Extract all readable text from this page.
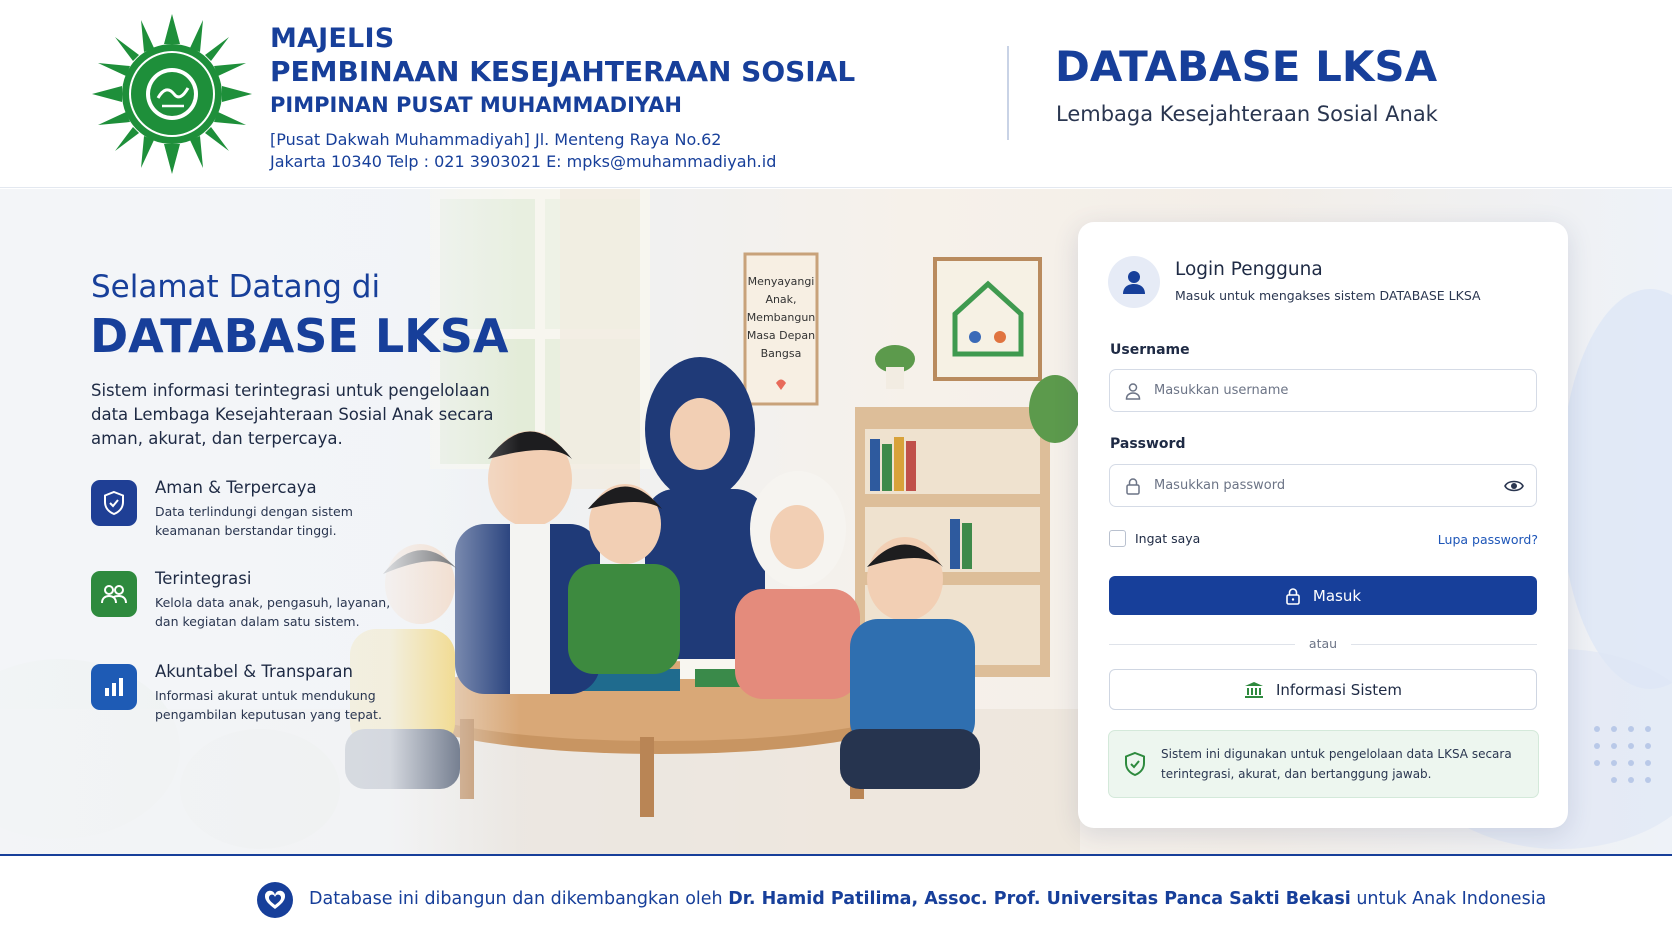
MAJELIS
PEMBINAAN KESEJAHTERAAN SOSIAL
PIMPINAN PUSAT MUHAMMADIYAH
[Pusat Dakwah Muhammadiyah] Jl. Menteng Raya No.62
Jakarta 10340 Telp : 021 3903021 E: mpks@muhammadiyah.id
DATABASE LKSA
Lembaga Kesejahteraan Sosial Anak
Menyayangi
Anak,
Membangun
Masa Depan
Bangsa
Selamat Datang di
DATABASE LKSA
Sistem informasi terintegrasi untuk pengelolaan data Lembaga Kesejahteraan Sosial Anak secara aman, akurat, dan terpercaya.
Aman & Terpercaya
Data terlindungi dengan sistem keamanan berstandar tinggi.
Terintegrasi
Kelola data anak, pengasuh, layanan, dan kegiatan dalam satu sistem.
Akuntabel & Transparan
Informasi akurat untuk mendukung pengambilan keputusan yang tepat.
Login Pengguna
Masuk untuk mengakses sistem DATABASE LKSA
Username
Masukkan username
Password
Ingat saya	Lupa password?
Masuk
atau
Informasi Sistem
Sistem ini digunakan untuk pengelolaan data LKSA secara terintegrasi, akurat, dan bertanggung jawab.
Database ini dibangun dan dikembangkan oleh Dr. Hamid Patilima, Assoc. Prof. Universitas Panca Sakti Bekasi untuk Anak Indonesia
